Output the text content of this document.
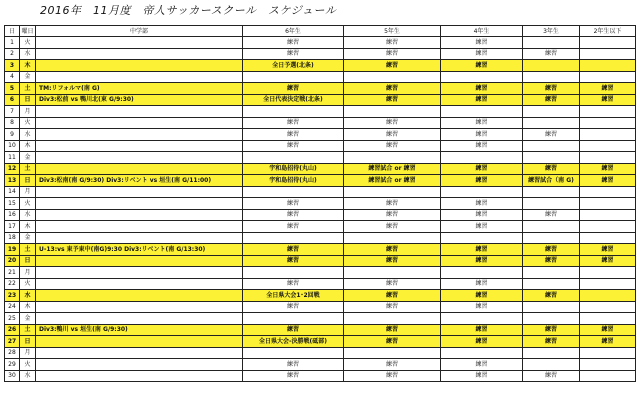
2016年　11月度　帝人サッカースクール　スケジュール
日	曜日	中学部	6年生	5年生	4年生	3年生	2年生以下
1	火		練習	練習	練習		
2	水		練習	練習	練習	練習	
3	木		全日予選(北条)	練習	練習		
4	金						
5	土	TM:リフォルマ(南 G)	練習	練習	練習	練習	練習
6	日	Div3:松前 vs 鴨川北(東 G/9:30)	全日代表決定戦(北条)	練習	練習	練習	練習
7	月						
8	火		練習	練習	練習		
9	水		練習	練習	練習	練習	
10	木		練習	練習	練習		
11	金						
12	土		宇和島招待(丸山)	練習試合 or 練習	練習	練習	練習
13	日	Div3:松南(南 G/9:30) Div3:リベント vs 垣生(南 G/11:00)	宇和島招待(丸山)	練習試合 or 練習	練習	練習試合（南 G)	練習
14	月						
15	火		練習	練習	練習		
16	水		練習	練習	練習	練習	
17	木		練習	練習	練習		
18	金						
19	土	U-13:vs 東予東中(南G)9:30 Div3:リベント(南 G/13:30)	練習	練習	練習	練習	練習
20	日		練習	練習	練習	練習	練習
21	月						
22	火		練習	練習	練習		
23	水		全日県大会1･2回戦	練習	練習	練習	
24	木		練習	練習	練習		
25	金						
26	土	Div3:鴨川 vs 垣生(南 G/9:30)	練習	練習	練習	練習	練習
27	日		全日県大会-決勝戦(砥部)	練習	練習	練習	練習
28	月						
29	火		練習	練習	練習		
30	水		練習	練習	練習	練習	
